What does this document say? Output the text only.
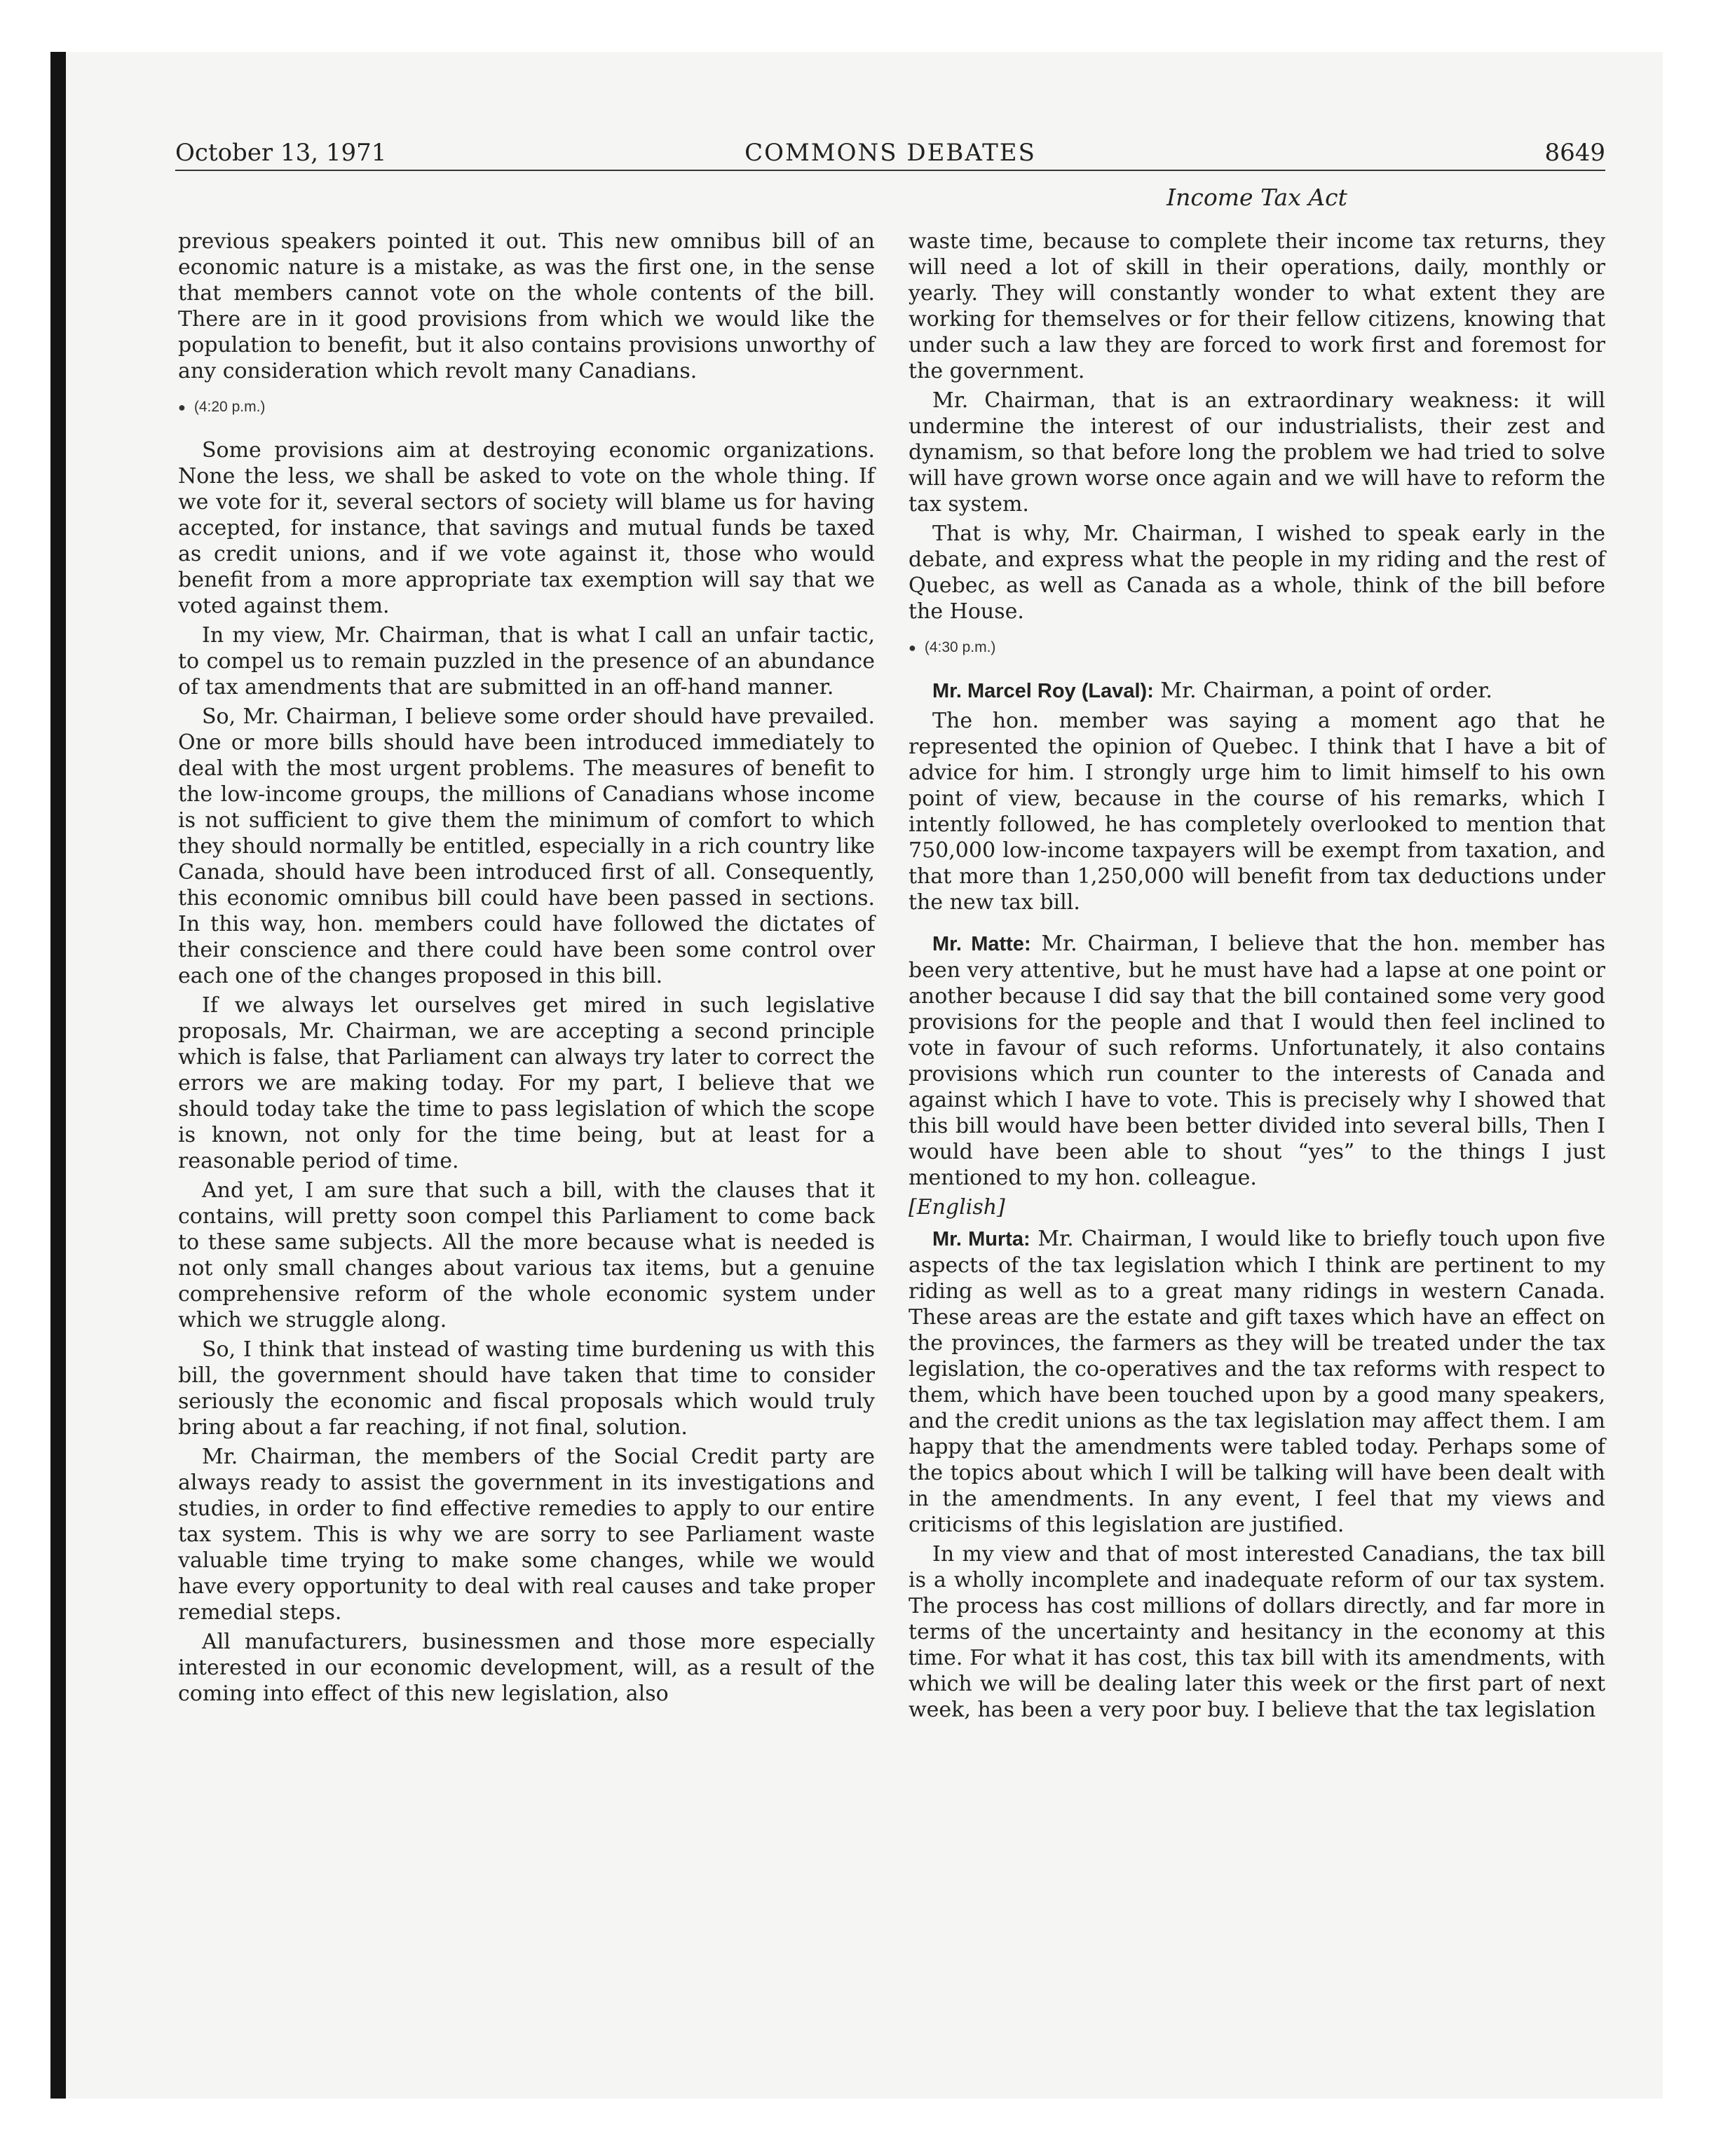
October 13, 1971	COMMONS DEBATES	8649
Income Tax Act

previous speakers pointed it out. This new omnibus bill of an economic nature is a mistake, as was the first one, in the sense that members cannot vote on the whole contents of the bill. There are in it good provisions from which we would like the population to benefit, but it also contains provisions unworthy of any consideration which revolt many Canadians.

● (4:20 p.m.)

Some provisions aim at destroying economic organizations. None the less, we shall be asked to vote on the whole thing. If we vote for it, several sectors of society will blame us for having accepted, for instance, that savings and mutual funds be taxed as credit unions, and if we vote against it, those who would benefit from a more appropriate tax exemption will say that we voted against them.

In my view, Mr. Chairman, that is what I call an unfair tactic, to compel us to remain puzzled in the presence of an abundance of tax amendments that are submitted in an off-hand manner.

So, Mr. Chairman, I believe some order should have prevailed. One or more bills should have been introduced immediately to deal with the most urgent problems. The measures of benefit to the low-income groups, the millions of Canadians whose income is not sufficient to give them the minimum of comfort to which they should normally be entitled, especially in a rich country like Canada, should have been introduced first of all. Consequently, this economic omnibus bill could have been passed in sections. In this way, hon. members could have followed the dictates of their conscience and there could have been some control over each one of the changes proposed in this bill.

If we always let ourselves get mired in such legislative proposals, Mr. Chairman, we are accepting a second principle which is false, that Parliament can always try later to correct the errors we are making today. For my part, I believe that we should today take the time to pass legislation of which the scope is known, not only for the time being, but at least for a reasonable period of time.

And yet, I am sure that such a bill, with the clauses that it contains, will pretty soon compel this Parliament to come back to these same subjects. All the more because what is needed is not only small changes about various tax items, but a genuine comprehensive reform of the whole economic system under which we struggle along.

So, I think that instead of wasting time burdening us with this bill, the government should have taken that time to consider seriously the economic and fiscal proposals which would truly bring about a far reaching, if not final, solution.

Mr. Chairman, the members of the Social Credit party are always ready to assist the government in its investigations and studies, in order to find effective remedies to apply to our entire tax system. This is why we are sorry to see Parliament waste valuable time trying to make some changes, while we would have every opportunity to deal with real causes and take proper remedial steps.

All manufacturers, businessmen and those more especially interested in our economic development, will, as a result of the coming into effect of this new legislation, also

waste time, because to complete their income tax returns, they will need a lot of skill in their operations, daily, monthly or yearly. They will constantly wonder to what extent they are working for themselves or for their fellow citizens, knowing that under such a law they are forced to work first and foremost for the government.

Mr. Chairman, that is an extraordinary weakness: it will undermine the interest of our industrialists, their zest and dynamism, so that before long the problem we had tried to solve will have grown worse once again and we will have to reform the tax system.

That is why, Mr. Chairman, I wished to speak early in the debate, and express what the people in my riding and the rest of Quebec, as well as Canada as a whole, think of the bill before the House.

● (4:30 p.m.)

Mr. Marcel Roy (Laval): Mr. Chairman, a point of order.

The hon. member was saying a moment ago that he represented the opinion of Quebec. I think that I have a bit of advice for him. I strongly urge him to limit himself to his own point of view, because in the course of his remarks, which I intently followed, he has completely overlooked to mention that 750,000 low-income taxpayers will be exempt from taxation, and that more than 1,250,000 will benefit from tax deductions under the new tax bill.

Mr. Matte: Mr. Chairman, I believe that the hon. member has been very attentive, but he must have had a lapse at one point or another because I did say that the bill contained some very good provisions for the people and that I would then feel inclined to vote in favour of such reforms. Unfortunately, it also contains provisions which run counter to the interests of Canada and against which I have to vote. This is precisely why I showed that this bill would have been better divided into several bills, Then I would have been able to shout “yes” to the things I just mentioned to my hon. colleague.

[English]

Mr. Murta: Mr. Chairman, I would like to briefly touch upon five aspects of the tax legislation which I think are pertinent to my riding as well as to a great many ridings in western Canada. These areas are the estate and gift taxes which have an effect on the provinces, the farmers as they will be treated under the tax legislation, the co-operatives and the tax reforms with respect to them, which have been touched upon by a good many speakers, and the credit unions as the tax legislation may affect them. I am happy that the amendments were tabled today. Perhaps some of the topics about which I will be talking will have been dealt with in the amendments. In any event, I feel that my views and criticisms of this legislation are justified.

In my view and that of most interested Canadians, the tax bill is a wholly incomplete and inadequate reform of our tax system. The process has cost millions of dollars directly, and far more in terms of the uncertainty and hesitancy in the economy at this time. For what it has cost, this tax bill with its amendments, with which we will be dealing later this week or the first part of next week, has been a very poor buy. I believe that the tax legislation
